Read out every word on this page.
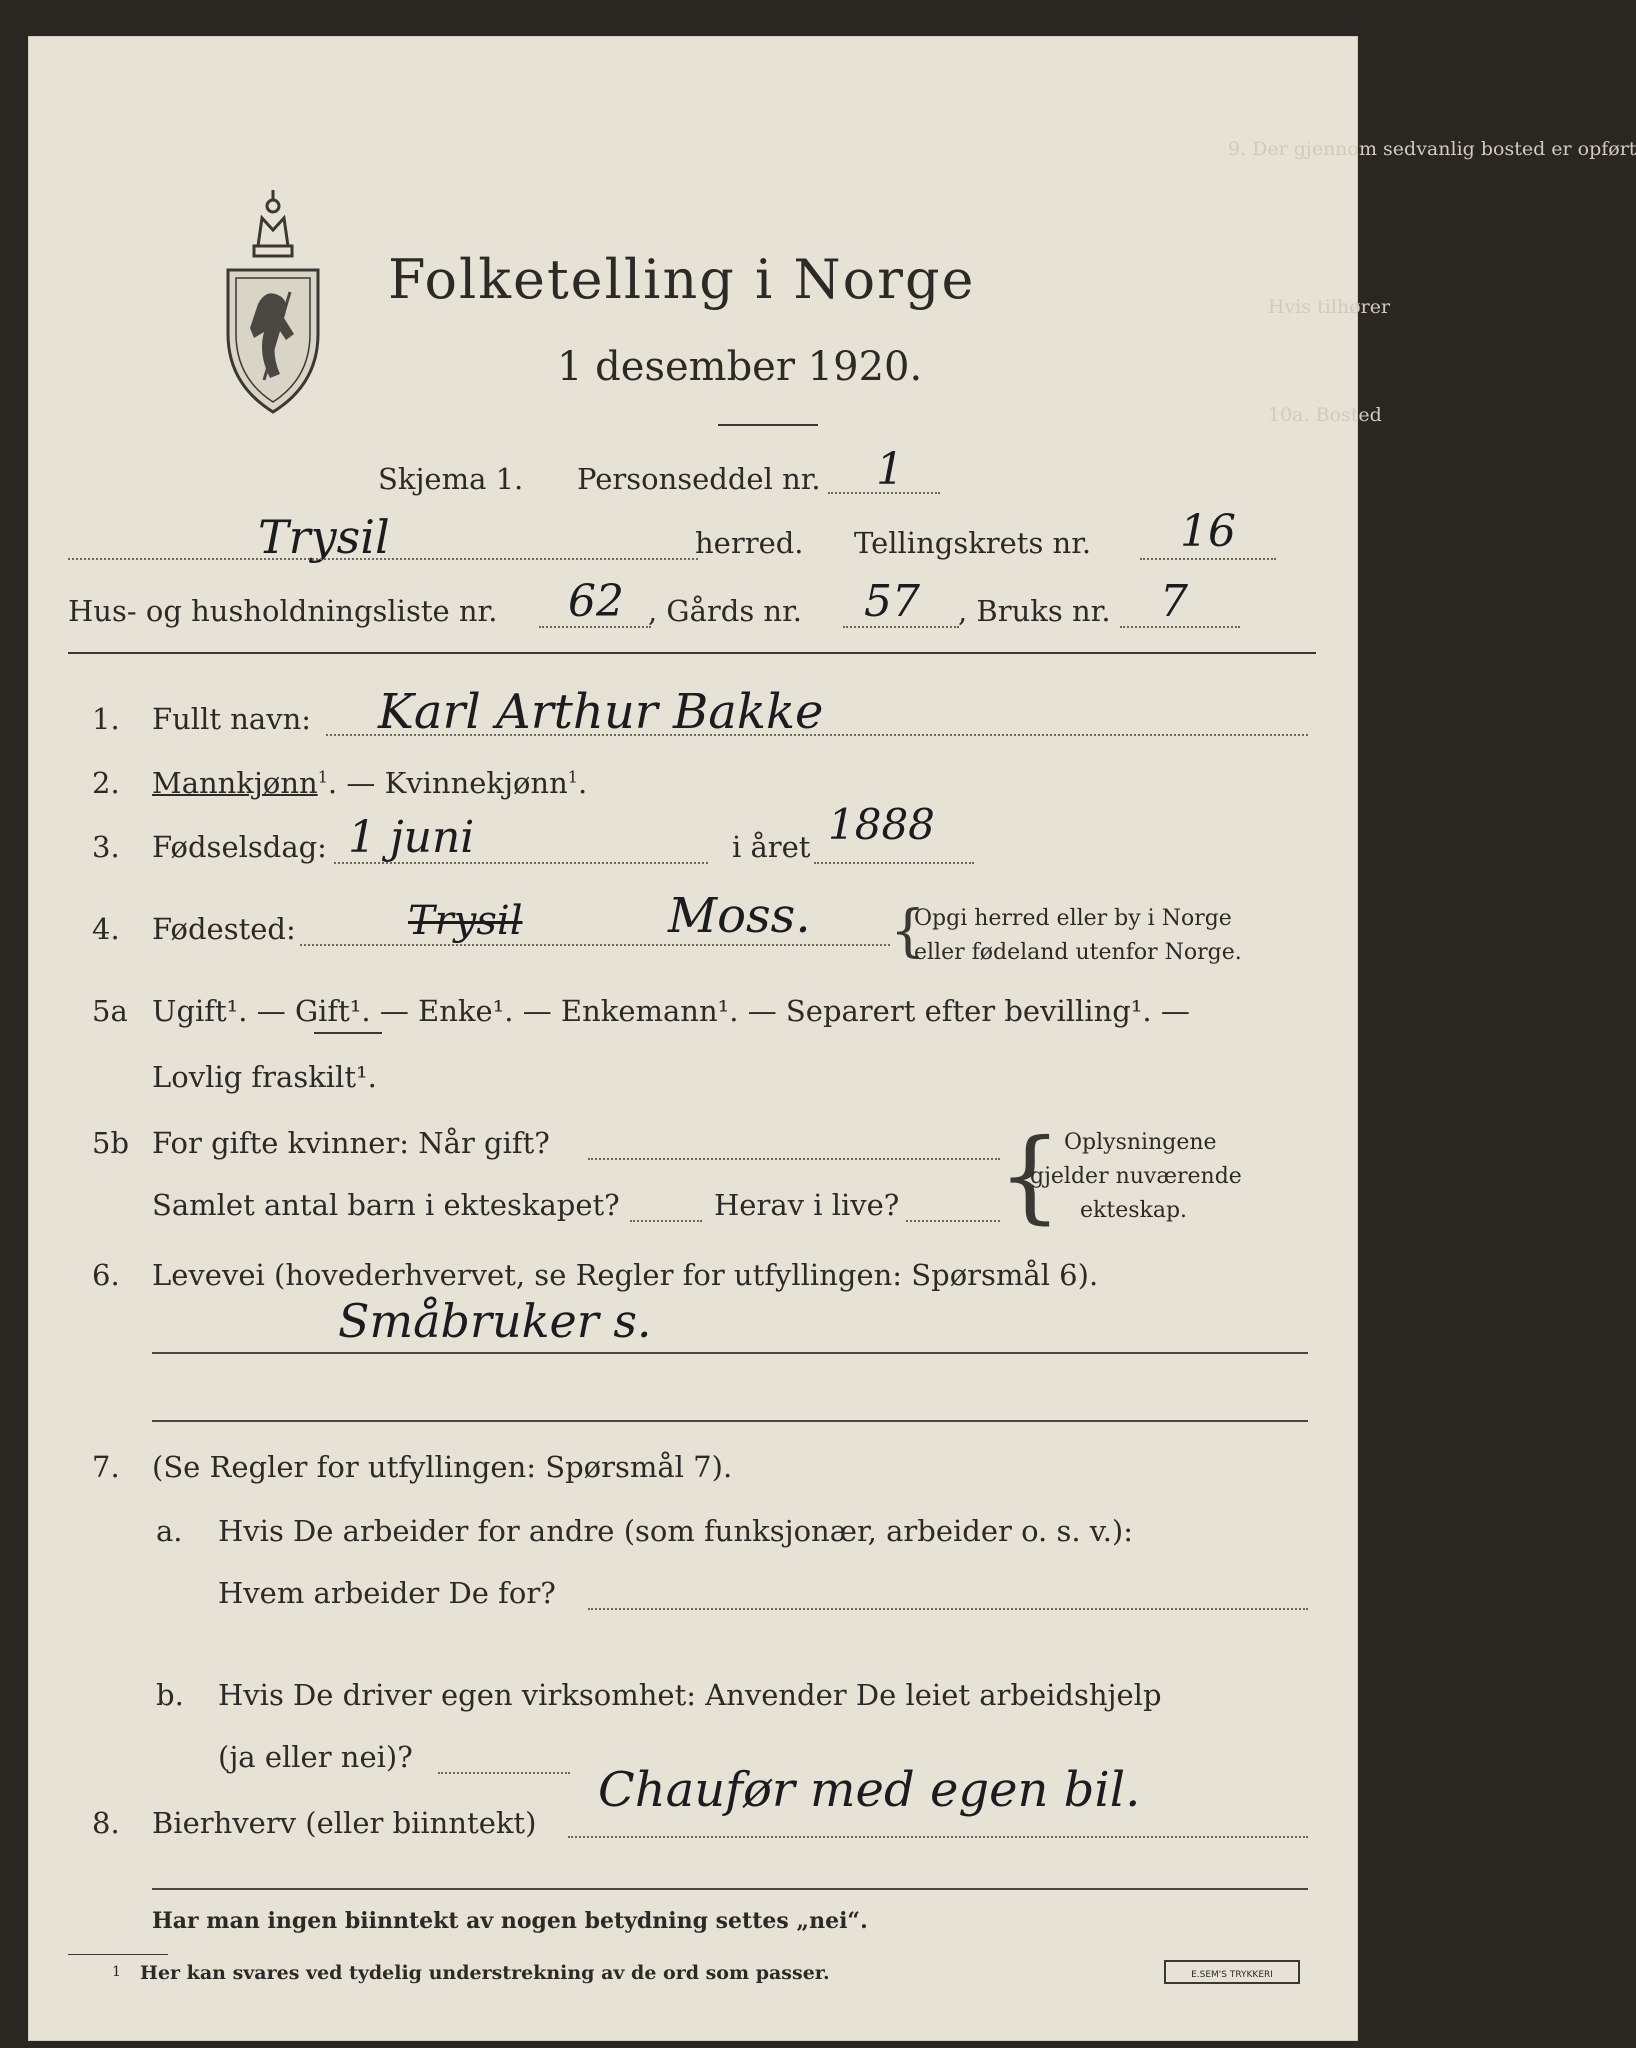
9. Der gjennom sedvanlig bosted er opført
Hvis tilhører
10a. Bosted
Folketelling i Norge
1 desember 1920.
Trysil
Skjema 1. Personseddel nr. 1
herred. Tellingskrets nr. 16
Hus- og husholdningsliste nr. 62 , Gårds nr. 57 , Bruks nr. 7
1. Fullt navn: Karl Arthur Bakke
2. Mannkjønn$^1$. — Kvinnekjønn$^1$.
3. Fødselsdag: 1 juni	i året 1888
4. Fødested:	Trysil	Moss. {
Opgi herred eller by i Norge
eller fødeland utenfor Norge.
5a Ugift¹. — Gift¹. — Enke¹. — Enkemann¹. — Separert efter bevilling¹. —
Lovlig fraskilt¹.
5b For gifte kvinner: Når gift?
Samlet antal barn i ekteskapet?	Herav i live? { Oplysningene
gjelder nuværende
ekteskap.
6. Levevei (hovederhvervet, se Regler for utfyllingen: Spørsmål 6).
Småbruker s.
7. (Se Regler for utfyllingen: Spørsmål 7).
a. Hvis De arbeider for andre (som funksjonær, arbeider o. s. v.):
Hvem arbeider De for?
b. Hvis De driver egen virksomhet: Anvender De leiet arbeidshjelp
(ja eller nei)?
8. Bierhverv (eller biinntekt)
Chaufør med egen bil.
Har man ingen biinntekt av nogen betydning settes „nei“.
1 Her kan svares ved tydelig understrekning av de ord som passer.	E.SEM'S TRYKKERI
